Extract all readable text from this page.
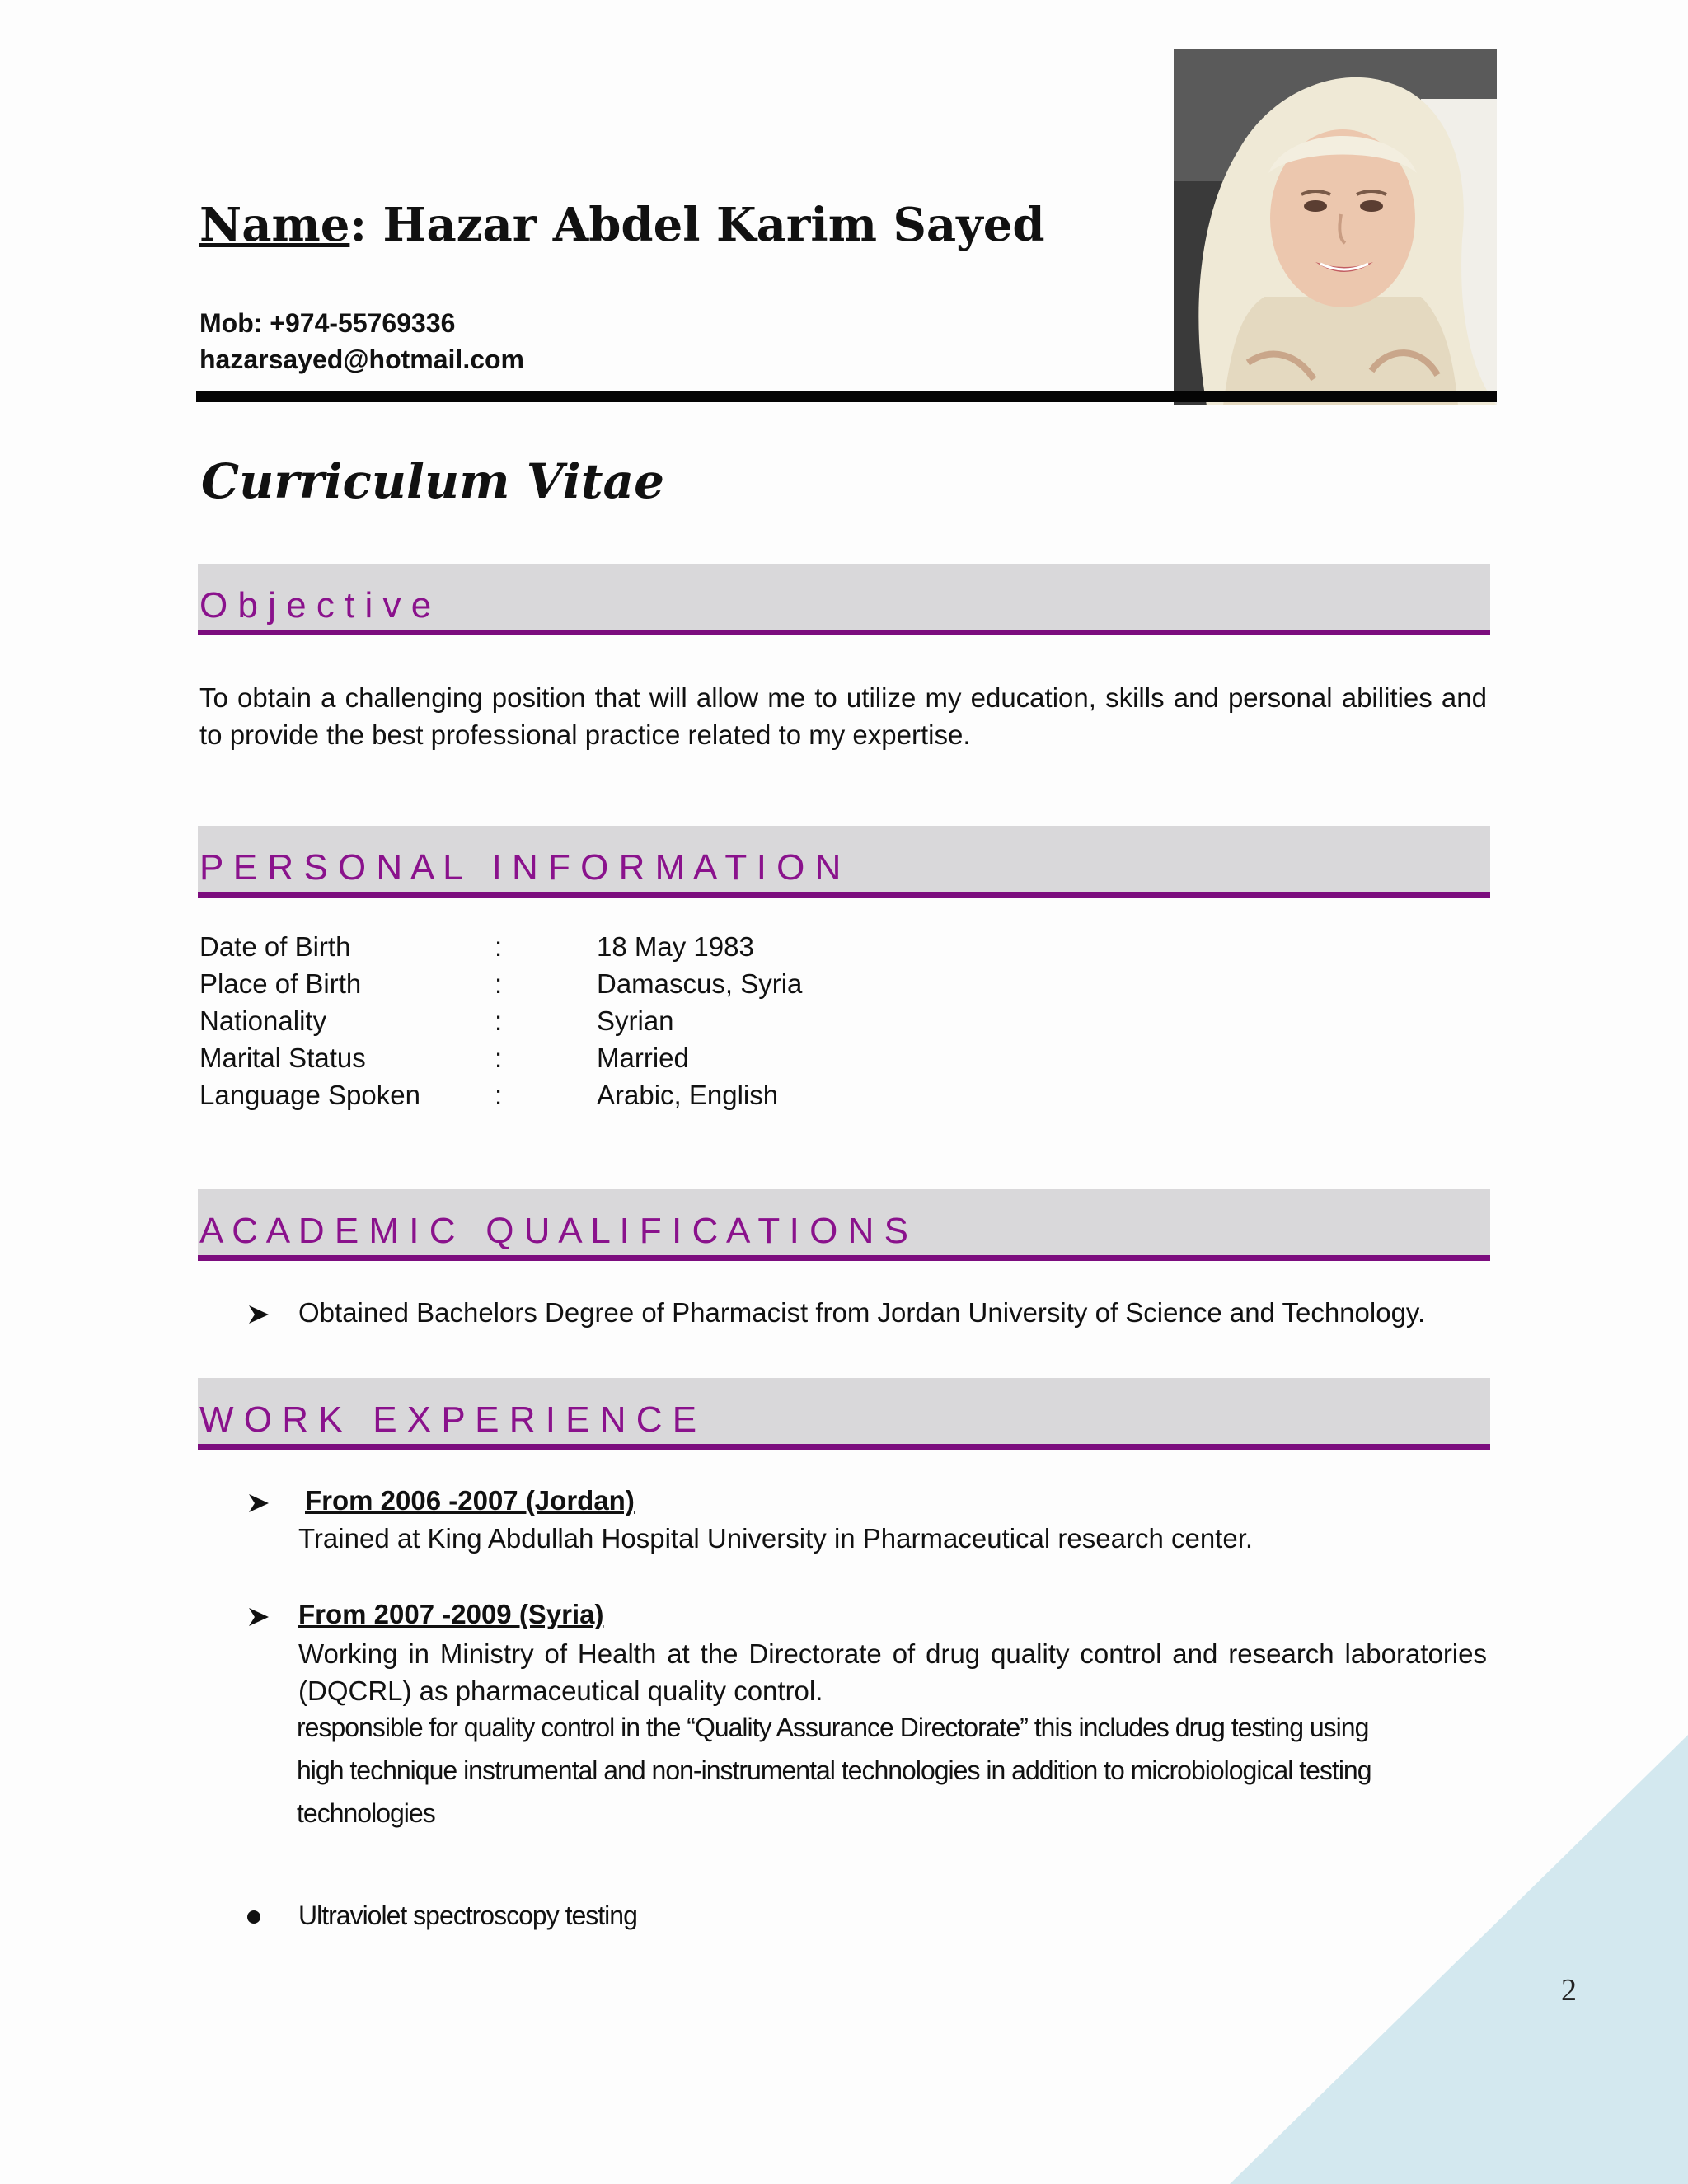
Name: Hazar Abdel Karim Sayed
Mob: +974-55769336
hazarsayed@hotmail.com
Curriculum Vitae
O b j e c t i v e
To obtain a challenging position that will allow me to utilize my education, skills and personal abilities and to provide the best professional practice related to my expertise.
P E R S O N A L   I N F O R M A T I O N
Date of Birth	:	18 May 1983
Place of Birth	:	Damascus, Syria
Nationality	:	Syrian
Marital Status	:	Married
Language Spoken	:	Arabic, English
A C A D E M I C   Q U A L I F I C A T I O N S
Obtained Bachelors Degree of Pharmacist from Jordan University of Science and Technology.
W O R K   E X P E R I E N C E
From 2006 -2007 (Jordan)
Trained at King Abdullah Hospital University in Pharmaceutical research center.
From 2007 -2009 (Syria)
Working in Ministry of Health at the Directorate of drug quality control and research laboratories (DQCRL) as pharmaceutical quality control.
responsible for quality control in the “Quality Assurance Directorate” this includes drug testing using
high technique instrumental and non-instrumental technologies in addition to microbiological testing
technologies
Ultraviolet spectroscopy testing
2
